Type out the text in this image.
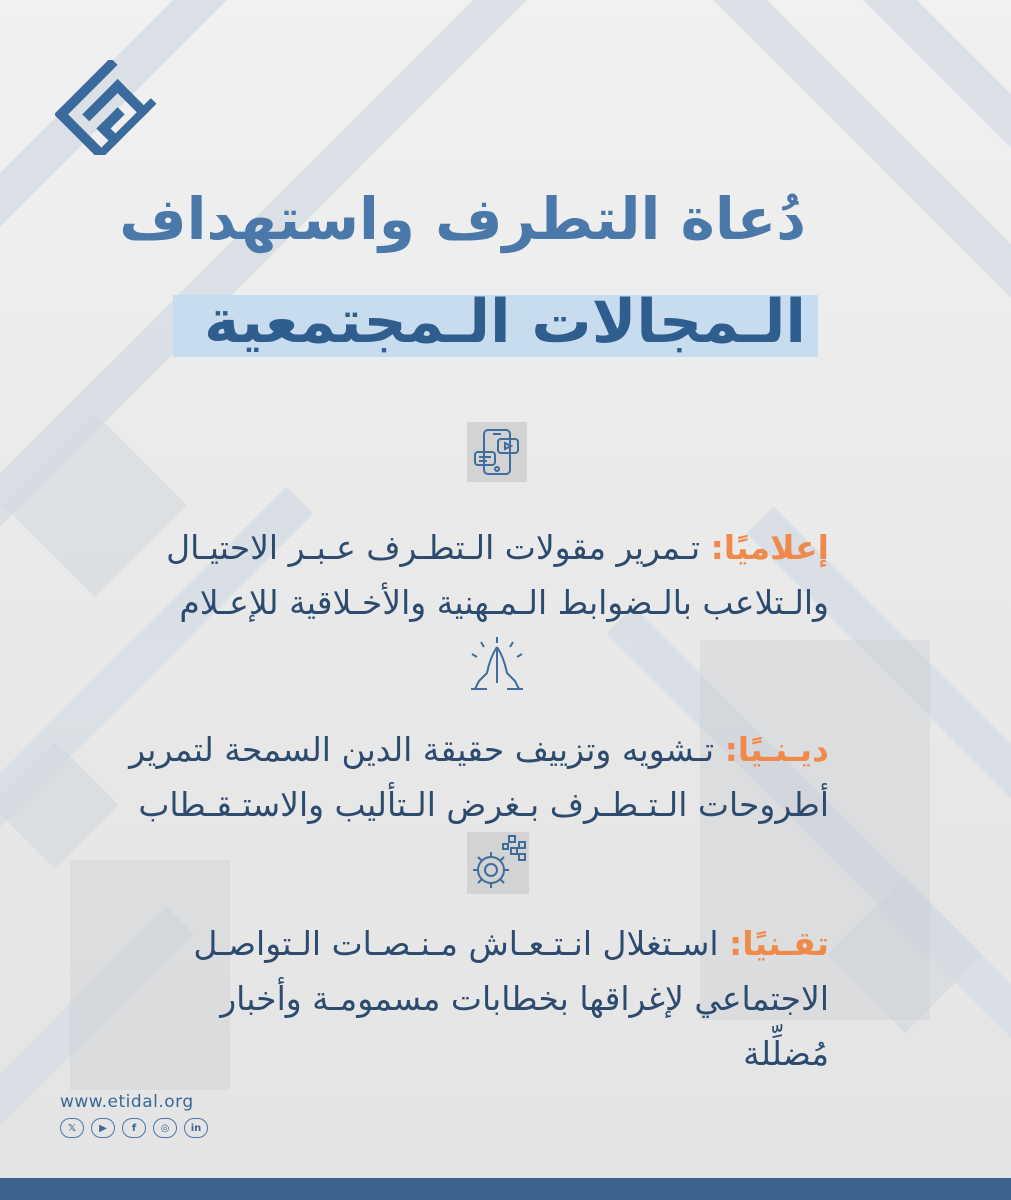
دُعاة التطرف واستهداف
الـمجالات الـمجتمعية
إعلاميًا: تـمرير مقولات الـتطـرف عـبـر الاحتيـال
والـتلاعب بالـضوابط الـمـهنية والأخـلاقية للإعـلام
ديـنـيًا: تـشويه وتزييف حقيقة الدين السمحة لتمرير
أطروحات الـتـطـرف بـغرض الـتأليب والاستـقـطاب
تقـنيًا: اسـتغلال انـتـعـاش مـنـصـات الـتواصـل
الاجتماعي لإغراقها بخطابات مسمومـة وأخبار مُضلِّلة
www.etidal.org
𝕏	▶	f	◎	in
